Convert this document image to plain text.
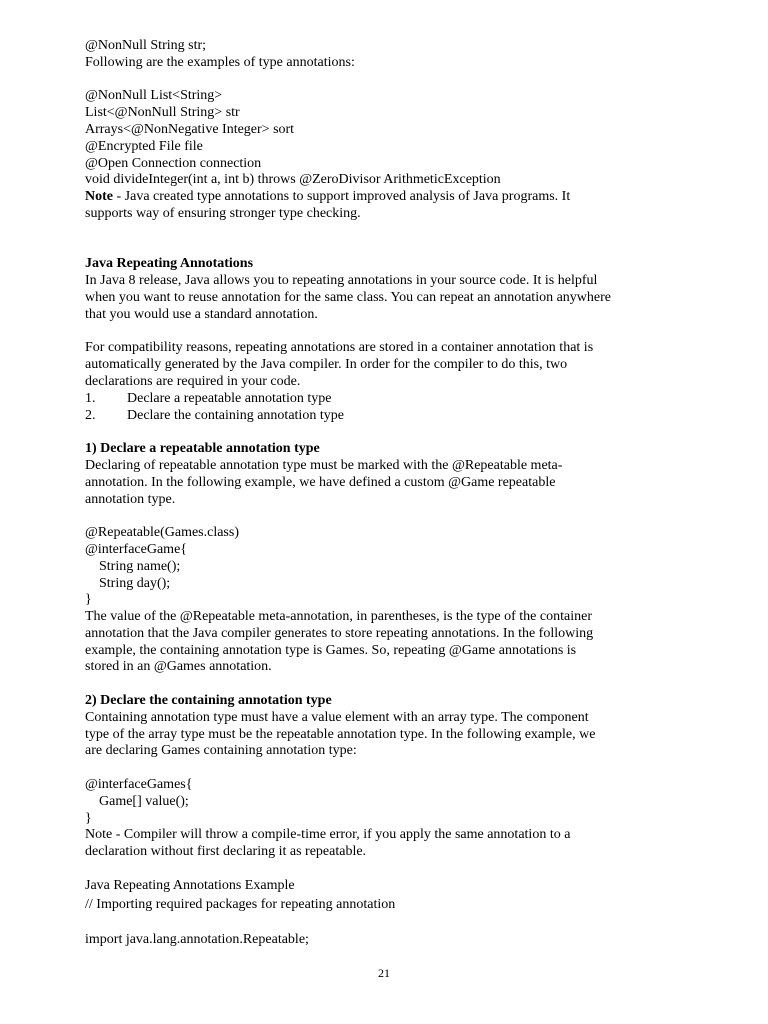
@NonNull String str;
Following are the examples of type annotations:
@NonNull List<String>
List<@NonNull String> str
Arrays<@NonNegative Integer> sort
@Encrypted File file
@Open Connection connection
void divideInteger(int a, int b) throws @ZeroDivisor ArithmeticException
Note - Java created type annotations to support improved analysis of Java programs. It
supports way of ensuring stronger type checking.
Java Repeating Annotations
In Java 8 release, Java allows you to repeating annotations in your source code. It is helpful
when you want to reuse annotation for the same class. You can repeat an annotation anywhere
that you would use a standard annotation.
For compatibility reasons, repeating annotations are stored in a container annotation that is
automatically generated by the Java compiler. In order for the compiler to do this, two
declarations are required in your code.
1.	Declare a repeatable annotation type
2.	Declare the containing annotation type
1) Declare a repeatable annotation type
Declaring of repeatable annotation type must be marked with the @Repeatable meta-
annotation. In the following example, we have defined a custom @Game repeatable
annotation type.
@Repeatable(Games.class)
@interfaceGame{
String name();
String day();
}
The value of the @Repeatable meta-annotation, in parentheses, is the type of the container
annotation that the Java compiler generates to store repeating annotations. In the following
example, the containing annotation type is Games. So, repeating @Game annotations is
stored in an @Games annotation.
2) Declare the containing annotation type
Containing annotation type must have a value element with an array type. The component
type of the array type must be the repeatable annotation type. In the following example, we
are declaring Games containing annotation type:
@interfaceGames{
Game[] value();
}
Note - Compiler will throw a compile-time error, if you apply the same annotation to a
declaration without first declaring it as repeatable.
Java Repeating Annotations Example
// Importing required packages for repeating annotation
import java.lang.annotation.Repeatable;
21
